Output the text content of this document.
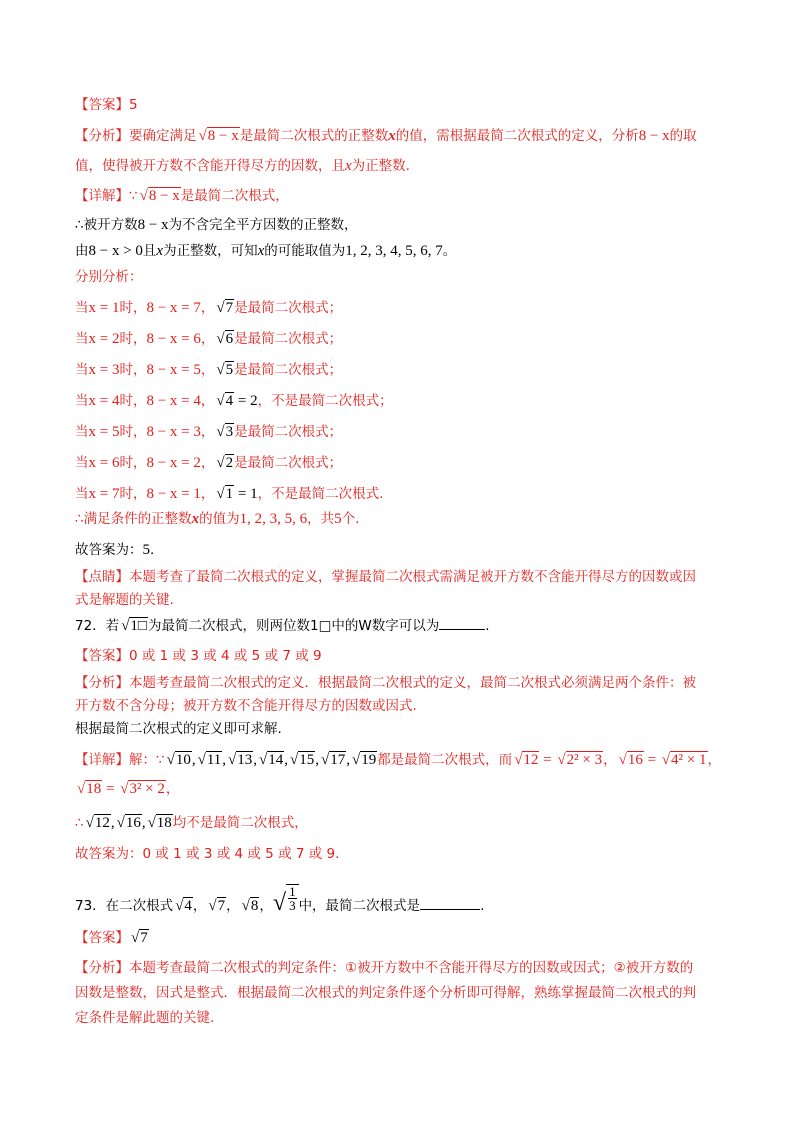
【答案】5
【分析】要确定满足 √8 − x是最简二次根式的正整数x的值，需根据最简二次根式的定义，分析8 − x的取
值，使得被开方数不含能开得尽方的因数，且x为正整数.
【详解】∵ √8 − x是最简二次根式，
∴被开方数8 − x为不含完全平方因数的正整数，
由8 − x > 0且x为正整数，可知x的可能取值为1, 2, 3, 4, 5, 6, 7。
分别分析：
当x = 1时，8 − x = 7， √7是最简二次根式；
当x = 2时，8 − x = 6， √6是最简二次根式；
当x = 3时，8 − x = 5， √5是最简二次根式；
当x = 4时，8 − x = 4， √4 = 2，不是最简二次根式；
当x = 5时，8 − x = 3， √3是最简二次根式；
当x = 6时，8 − x = 2， √2是最简二次根式；
当x = 7时，8 − x = 1， √1 = 1，不是最简二次根式.
∴满足条件的正整数x的值为1, 2, 3, 5, 6，共5个.
故答案为：5.
【点睛】本题考查了最简二次根式的定义，掌握最简二次根式需满足被开方数不含能开得尽方的因数或因
式是解题的关键.
72．若 √1□为最简二次根式，则两位数1□中的W数字可以为	.
【答案】0 或 1 或 3 或 4 或 5 或 7 或 9
【分析】本题考查最简二次根式的定义．根据最简二次根式的定义，最简二次根式必须满足两个条件：被
开方数不含分母；被开方数不含能开得尽方的因数或因式.
根据最简二次根式的定义即可求解.
【详解】解：∵ √10, √11, √13, √14, √15, √17, √19都是最简二次根式，而 √12 = √2² × 3， √16 = √4² × 1，
√18 = √3² × 2，
∴ √12, √16, √18均不是最简二次根式，
故答案为：0 或 1 或 3 或 4 或 5 或 7 或 9.
73．在二次根式 √4， √7， √8，√ $\frac{1}{3}$ 中，最简二次根式是	.
【答案】 √7
【分析】本题考查最简二次根式的判定条件：①被开方数中不含能开得尽方的因数或因式；②被开方数的
因数是整数，因式是整式．根据最简二次根式的判定条件逐个分析即可得解，熟练掌握最简二次根式的判
定条件是解此题的关键.
